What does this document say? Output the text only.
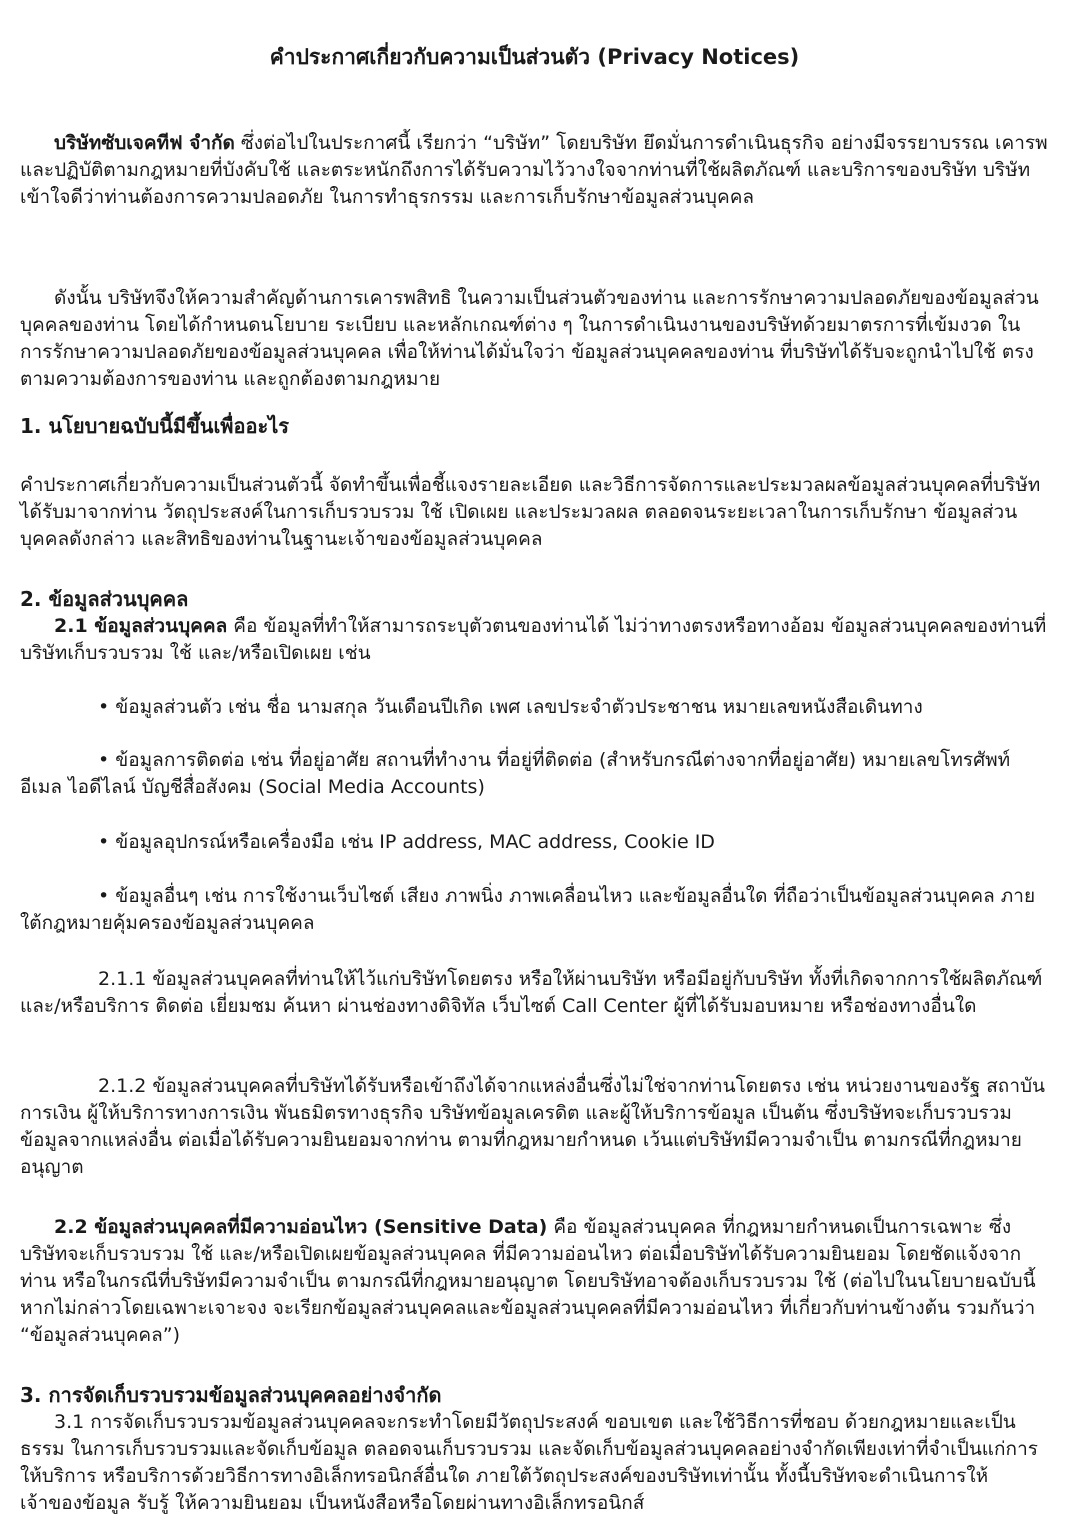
คำประกาศเกี่ยวกับความเป็นส่วนตัว (Privacy Notices)

บริษัทซับเจคทีฟ จำกัด ซึ่งต่อไปในประกาศนี้ เรียกว่า “บริษัท” โดยบริษัท ยึดมั่นการดำเนินธุรกิจ อย่างมีจรรยาบรรณ เคารพและปฏิบัติตามกฎหมายที่บังคับใช้ และตระหนักถึงการได้รับความไว้วางใจจากท่านที่ใช้ผลิตภัณฑ์ และบริการของบริษัท บริษัท เข้าใจดีว่าท่านต้องการความปลอดภัย ในการทำธุรกรรม และการเก็บรักษาข้อมูลส่วนบุคคล

ดังนั้น บริษัทจึงให้ความสำคัญด้านการเคารพสิทธิ ในความเป็นส่วนตัวของท่าน และการรักษาความปลอดภัยของข้อมูลส่วนบุคคลของท่าน โดยได้กำหนดนโยบาย ระเบียบ และหลักเกณฑ์ต่าง ๆ ในการดำเนินงานของบริษัทด้วยมาตรการที่เข้มงวด ในการรักษาความปลอดภัยของข้อมูลส่วนบุคคล เพื่อให้ท่านได้มั่นใจว่า ข้อมูลส่วนบุคคลของท่าน ที่บริษัทได้รับจะถูกนำไปใช้ ตรงตามความต้องการของท่าน และถูกต้องตามกฎหมาย

1. นโยบายฉบับนี้มีขึ้นเพื่ออะไร

คำประกาศเกี่ยวกับความเป็นส่วนตัวนี้ จัดทำขึ้นเพื่อชี้แจงรายละเอียด และวิธีการจัดการและประมวลผลข้อมูลส่วนบุคคลที่บริษัท ได้รับมาจากท่าน วัตถุประสงค์ในการเก็บรวบรวม ใช้ เปิดเผย และประมวลผล ตลอดจนระยะเวลาในการเก็บรักษา ข้อมูลส่วนบุคคลดังกล่าว และสิทธิของท่านในฐานะเจ้าของข้อมูลส่วนบุคคล

2. ข้อมูลส่วนบุคคล

2.1 ข้อมูลส่วนบุคคล คือ ข้อมูลที่ทำให้สามารถระบุตัวตนของท่านได้ ไม่ว่าทางตรงหรือทางอ้อม ข้อมูลส่วนบุคคลของท่านที่บริษัทเก็บรวบรวม ใช้ และ/หรือเปิดเผย เช่น

• ข้อมูลส่วนตัว เช่น ชื่อ นามสกุล วันเดือนปีเกิด เพศ เลขประจำตัวประชาชน หมายเลขหนังสือเดินทาง

• ข้อมูลการติดต่อ เช่น ที่อยู่อาศัย สถานที่ทำงาน ที่อยู่ที่ติดต่อ (สำหรับกรณีต่างจากที่อยู่อาศัย) หมายเลขโทรศัพท์ อีเมล ไอดีไลน์ บัญชีสื่อสังคม (Social Media Accounts)

• ข้อมูลอุปกรณ์หรือเครื่องมือ เช่น IP address, MAC address, Cookie ID

• ข้อมูลอื่นๆ เช่น การใช้งานเว็บไซต์ เสียง ภาพนิ่ง ภาพเคลื่อนไหว และข้อมูลอื่นใด ที่ถือว่าเป็นข้อมูลส่วนบุคคล ภายใต้กฎหมายคุ้มครองข้อมูลส่วนบุคคล

2.1.1 ข้อมูลส่วนบุคคลที่ท่านให้ไว้แก่บริษัทโดยตรง หรือให้ผ่านบริษัท หรือมีอยู่กับบริษัท ทั้งที่เกิดจากการใช้ผลิตภัณฑ์ และ/หรือบริการ ติดต่อ เยี่ยมชม ค้นหา ผ่านช่องทางดิจิทัล เว็บไซต์ Call Center ผู้ที่ได้รับมอบหมาย หรือช่องทางอื่นใด

2.1.2 ข้อมูลส่วนบุคคลที่บริษัทได้รับหรือเข้าถึงได้จากแหล่งอื่นซึ่งไม่ใช่จากท่านโดยตรง เช่น หน่วยงานของรัฐ สถาบันการเงิน ผู้ให้บริการทางการเงิน พันธมิตรทางธุรกิจ บริษัทข้อมูลเครดิต และผู้ให้บริการข้อมูล เป็นต้น ซึ่งบริษัทจะเก็บรวบรวมข้อมูลจากแหล่งอื่น ต่อเมื่อได้รับความยินยอมจากท่าน ตามที่กฎหมายกำหนด เว้นแต่บริษัทมีความจำเป็น ตามกรณีที่กฎหมายอนุญาต

2.2 ข้อมูลส่วนบุคคลที่มีความอ่อนไหว (Sensitive Data) คือ ข้อมูลส่วนบุคคล ที่กฎหมายกำหนดเป็นการเฉพาะ ซึ่งบริษัทจะเก็บรวบรวม ใช้ และ/หรือเปิดเผยข้อมูลส่วนบุคคล ที่มีความอ่อนไหว ต่อเมื่อบริษัทได้รับความยินยอม โดยชัดแจ้งจากท่าน หรือในกรณีที่บริษัทมีความจำเป็น ตามกรณีที่กฎหมายอนุญาต โดยบริษัทอาจต้องเก็บรวบรวม ใช้ (ต่อไปในนโยบายฉบับนี้ หากไม่กล่าวโดยเฉพาะเจาะจง จะเรียกข้อมูลส่วนบุคคลและข้อมูลส่วนบุคคลที่มีความอ่อนไหว ที่เกี่ยวกับท่านข้างต้น รวมกันว่า “ข้อมูลส่วนบุคคล”)

3. การจัดเก็บรวบรวมข้อมูลส่วนบุคคลอย่างจำกัด

3.1 การจัดเก็บรวบรวมข้อมูลส่วนบุคคลจะกระทำโดยมีวัตถุประสงค์ ขอบเขต และใช้วิธีการที่ชอบ ด้วยกฎหมายและเป็นธรรม ในการเก็บรวบรวมและจัดเก็บข้อมูล ตลอดจนเก็บรวบรวม และจัดเก็บข้อมูลส่วนบุคคลอย่างจำกัดเพียงเท่าที่จำเป็นแก่การให้บริการ หรือบริการด้วยวิธีการทางอิเล็กทรอนิกส์อื่นใด ภายใต้วัตถุประสงค์ของบริษัทเท่านั้น ทั้งนี้บริษัทจะดำเนินการให้เจ้าของข้อมูล รับรู้ ให้ความยินยอม เป็นหนังสือหรือโดยผ่านทางอิเล็กทรอนิกส์
